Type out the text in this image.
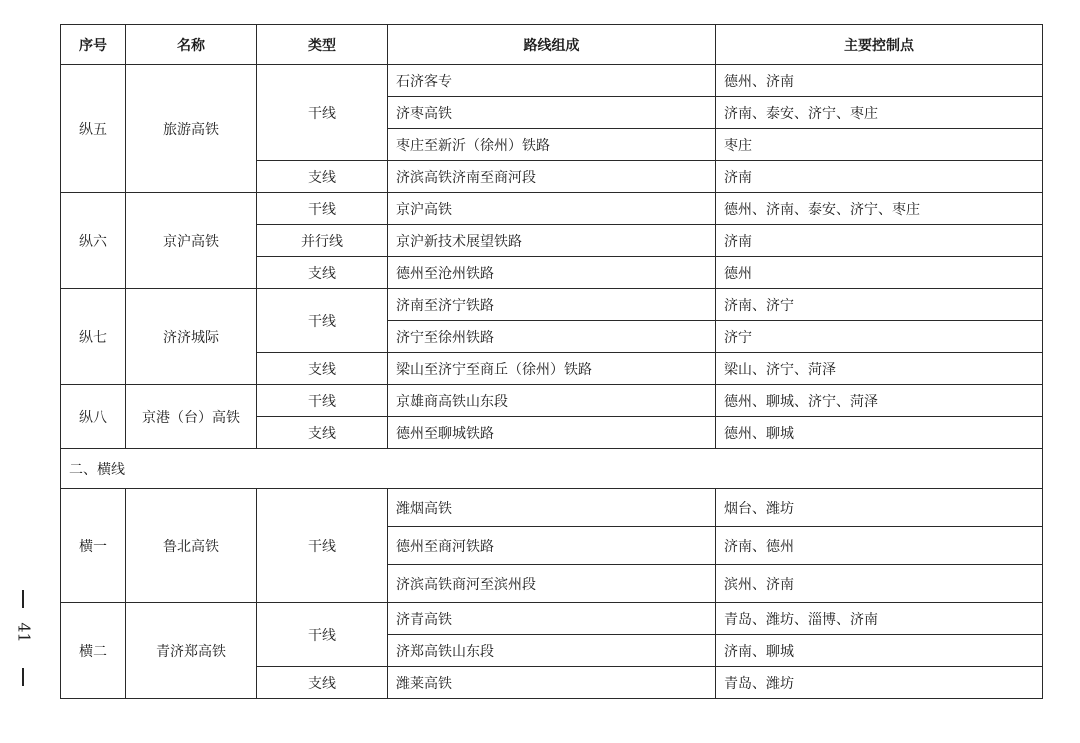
序号	名称	类型	路线组成	主要控制点
纵五	旅游高铁	干线	石济客专	德州、济南
			济枣高铁	济南、泰安、济宁、枣庄
			枣庄至新沂（徐州）铁路	枣庄
		支线	济滨高铁济南至商河段	济南
纵六	京沪高铁	干线	京沪高铁	德州、济南、泰安、济宁、枣庄
		并行线	京沪新技术展望铁路	济南
		支线	德州至沧州铁路	德州
纵七	济济城际	干线	济南至济宁铁路	济南、济宁
			济宁至徐州铁路	济宁
		支线	梁山至济宁至商丘（徐州）铁路	梁山、济宁、菏泽
纵八	京港（台）高铁	干线	京雄商高铁山东段	德州、聊城、济宁、菏泽
		支线	德州至聊城铁路	德州、聊城
二、横线				
横一	鲁北高铁	干线	潍烟高铁	烟台、潍坊
			德州至商河铁路	济南、德州
			济滨高铁商河至滨州段	滨州、济南
横二	青济郑高铁	干线	济青高铁	青岛、潍坊、淄博、济南
			济郑高铁山东段	济南、聊城
		支线	潍莱高铁	青岛、潍坊
41
